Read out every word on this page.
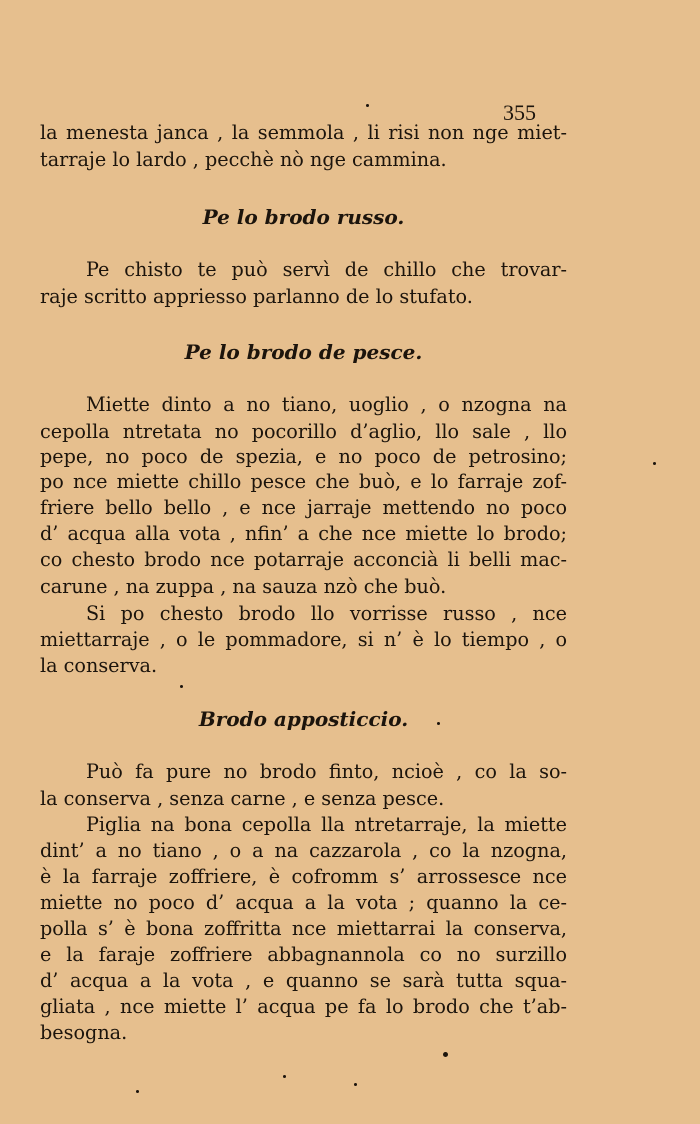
355
la menesta janca , la semmola , li risi non nge miet-
tarraje lo lardo , pecchè nò nge cammina.
Pe lo brodo russo.
Pe chisto te può servì de chillo che trovar-
raje scritto appriesso parlanno de lo stufato.
Pe lo brodo de pesce.
Miette dinto a no tiano, uoglio , o nzogna na
cepolla ntretata no pocorillo d’aglio, llo sale , llo
pepe, no poco de spezia, e no poco de petrosino;
po nce miette chillo pesce che buò, e lo farraje zof-
friere bello bello , e nce jarraje mettendo no poco
d’ acqua alla vota , nfin’ a che nce miette lo brodo;
co chesto brodo nce potarraje acconcià li belli mac-
carune , na zuppa , na sauza nzò che buò.
Si po chesto brodo llo vorrisse russo , nce
miettarraje , o le pommadore, si n’ è lo tiempo , o
la conserva.
Brodo apposticcio.
Può fa pure no brodo finto, ncioè , co la so-
la conserva , senza carne , e senza pesce.
Piglia na bona cepolla lla ntretarraje, la miette
dint’ a no tiano , o a na cazzarola , co la nzogna,
è la farraje zoffriere, è cofromm s’ arrossesce nce
miette no poco d’ acqua a la vota ; quanno la ce-
polla s’ è bona zoffritta nce miettarrai la conserva,
e la faraje zoffriere abbagnannola co no surzillo
d’ acqua a la vota , e quanno se sarà tutta squa-
gliata , nce miette l’ acqua pe fa lo brodo che t’ab-
besogna.
